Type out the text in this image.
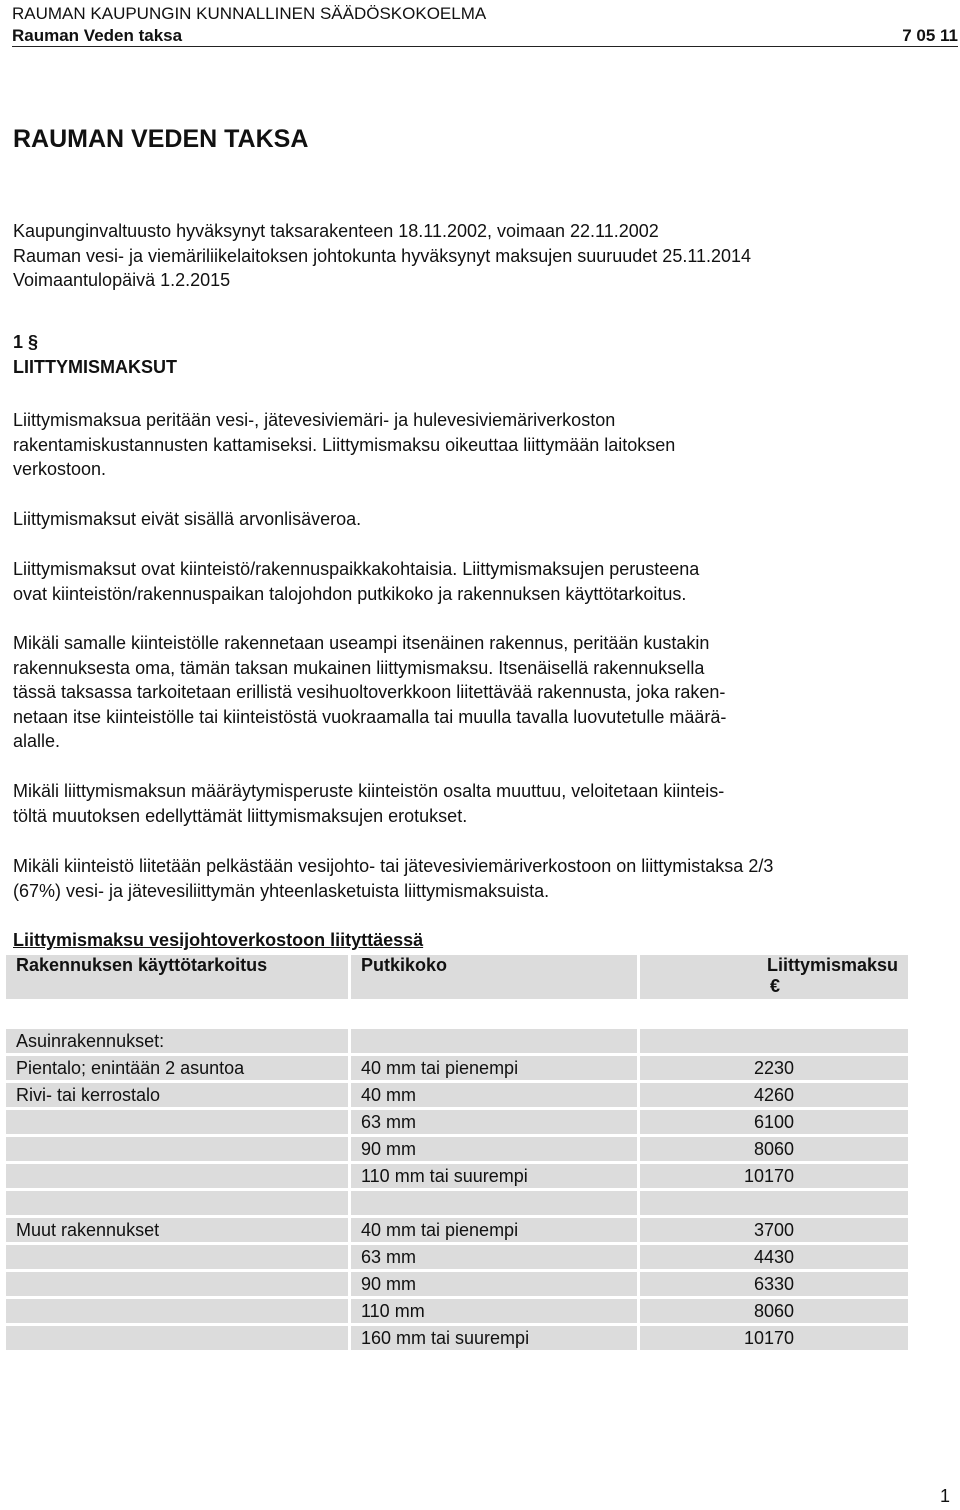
RAUMAN KAUPUNGIN KUNNALLINEN SÄÄDÖSKOKOELMA
Rauman Veden taksa	7 05 11
RAUMAN VEDEN TAKSA
Kaupunginvaltuusto hyväksynyt taksarakenteen 18.11.2002, voimaan 22.11.2002
Rauman vesi- ja viemäriliikelaitoksen johtokunta hyväksynyt maksujen suuruudet 25.11.2014
Voimaantulopäivä 1.2.2015
1 §
LIITTYMISMAKSUT
Liittymismaksua peritään vesi-, jätevesiviemäri- ja hulevesiviemäriverkoston
rakentamiskustannusten kattamiseksi. Liittymismaksu oikeuttaa liittymään laitoksen
verkostoon.
Liittymismaksut eivät sisällä arvonlisäveroa.
Liittymismaksut ovat kiinteistö/rakennuspaikkakohtaisia. Liittymismaksujen perusteena
ovat kiinteistön/rakennuspaikan talojohdon putkikoko ja rakennuksen käyttötarkoitus.
Mikäli samalle kiinteistölle rakennetaan useampi itsenäinen rakennus, peritään kustakin
rakennuksesta oma, tämän taksan mukainen liittymismaksu. Itsenäisellä rakennuksella
tässä taksassa tarkoitetaan erillistä vesihuoltoverkkoon liitettävää rakennusta, joka raken-
netaan itse kiinteistölle tai kiinteistöstä vuokraamalla tai muulla tavalla luovutetulle määrä-
alalle.
Mikäli liittymismaksun määräytymisperuste kiinteistön osalta muuttuu, veloitetaan kiinteis-
töltä muutoksen edellyttämät liittymismaksujen erotukset.
Mikäli kiinteistö liitetään pelkästään vesijohto- tai jätevesiviemäriverkostoon on liittymistaksa 2/3
(67%) vesi- ja jätevesiliittymän yhteenlasketuista liittymismaksuista.
Liittymismaksu vesijohtoverkostoon liityttäessä
Rakennuksen käyttötarkoitus	Putkikoko	Liittymismaksu
€

Asuinrakennukset:		
Pientalo; enintään 2 asuntoa	40 mm tai pienempi	2230
Rivi- tai kerrostalo	40 mm	4260
	63 mm	6100
	90 mm	8060
	110 mm tai suurempi	10170

Muut rakennukset	40 mm tai pienempi	3700
	63 mm	4430
	90 mm	6330
	110 mm	8060
	160 mm tai suurempi	10170
1
